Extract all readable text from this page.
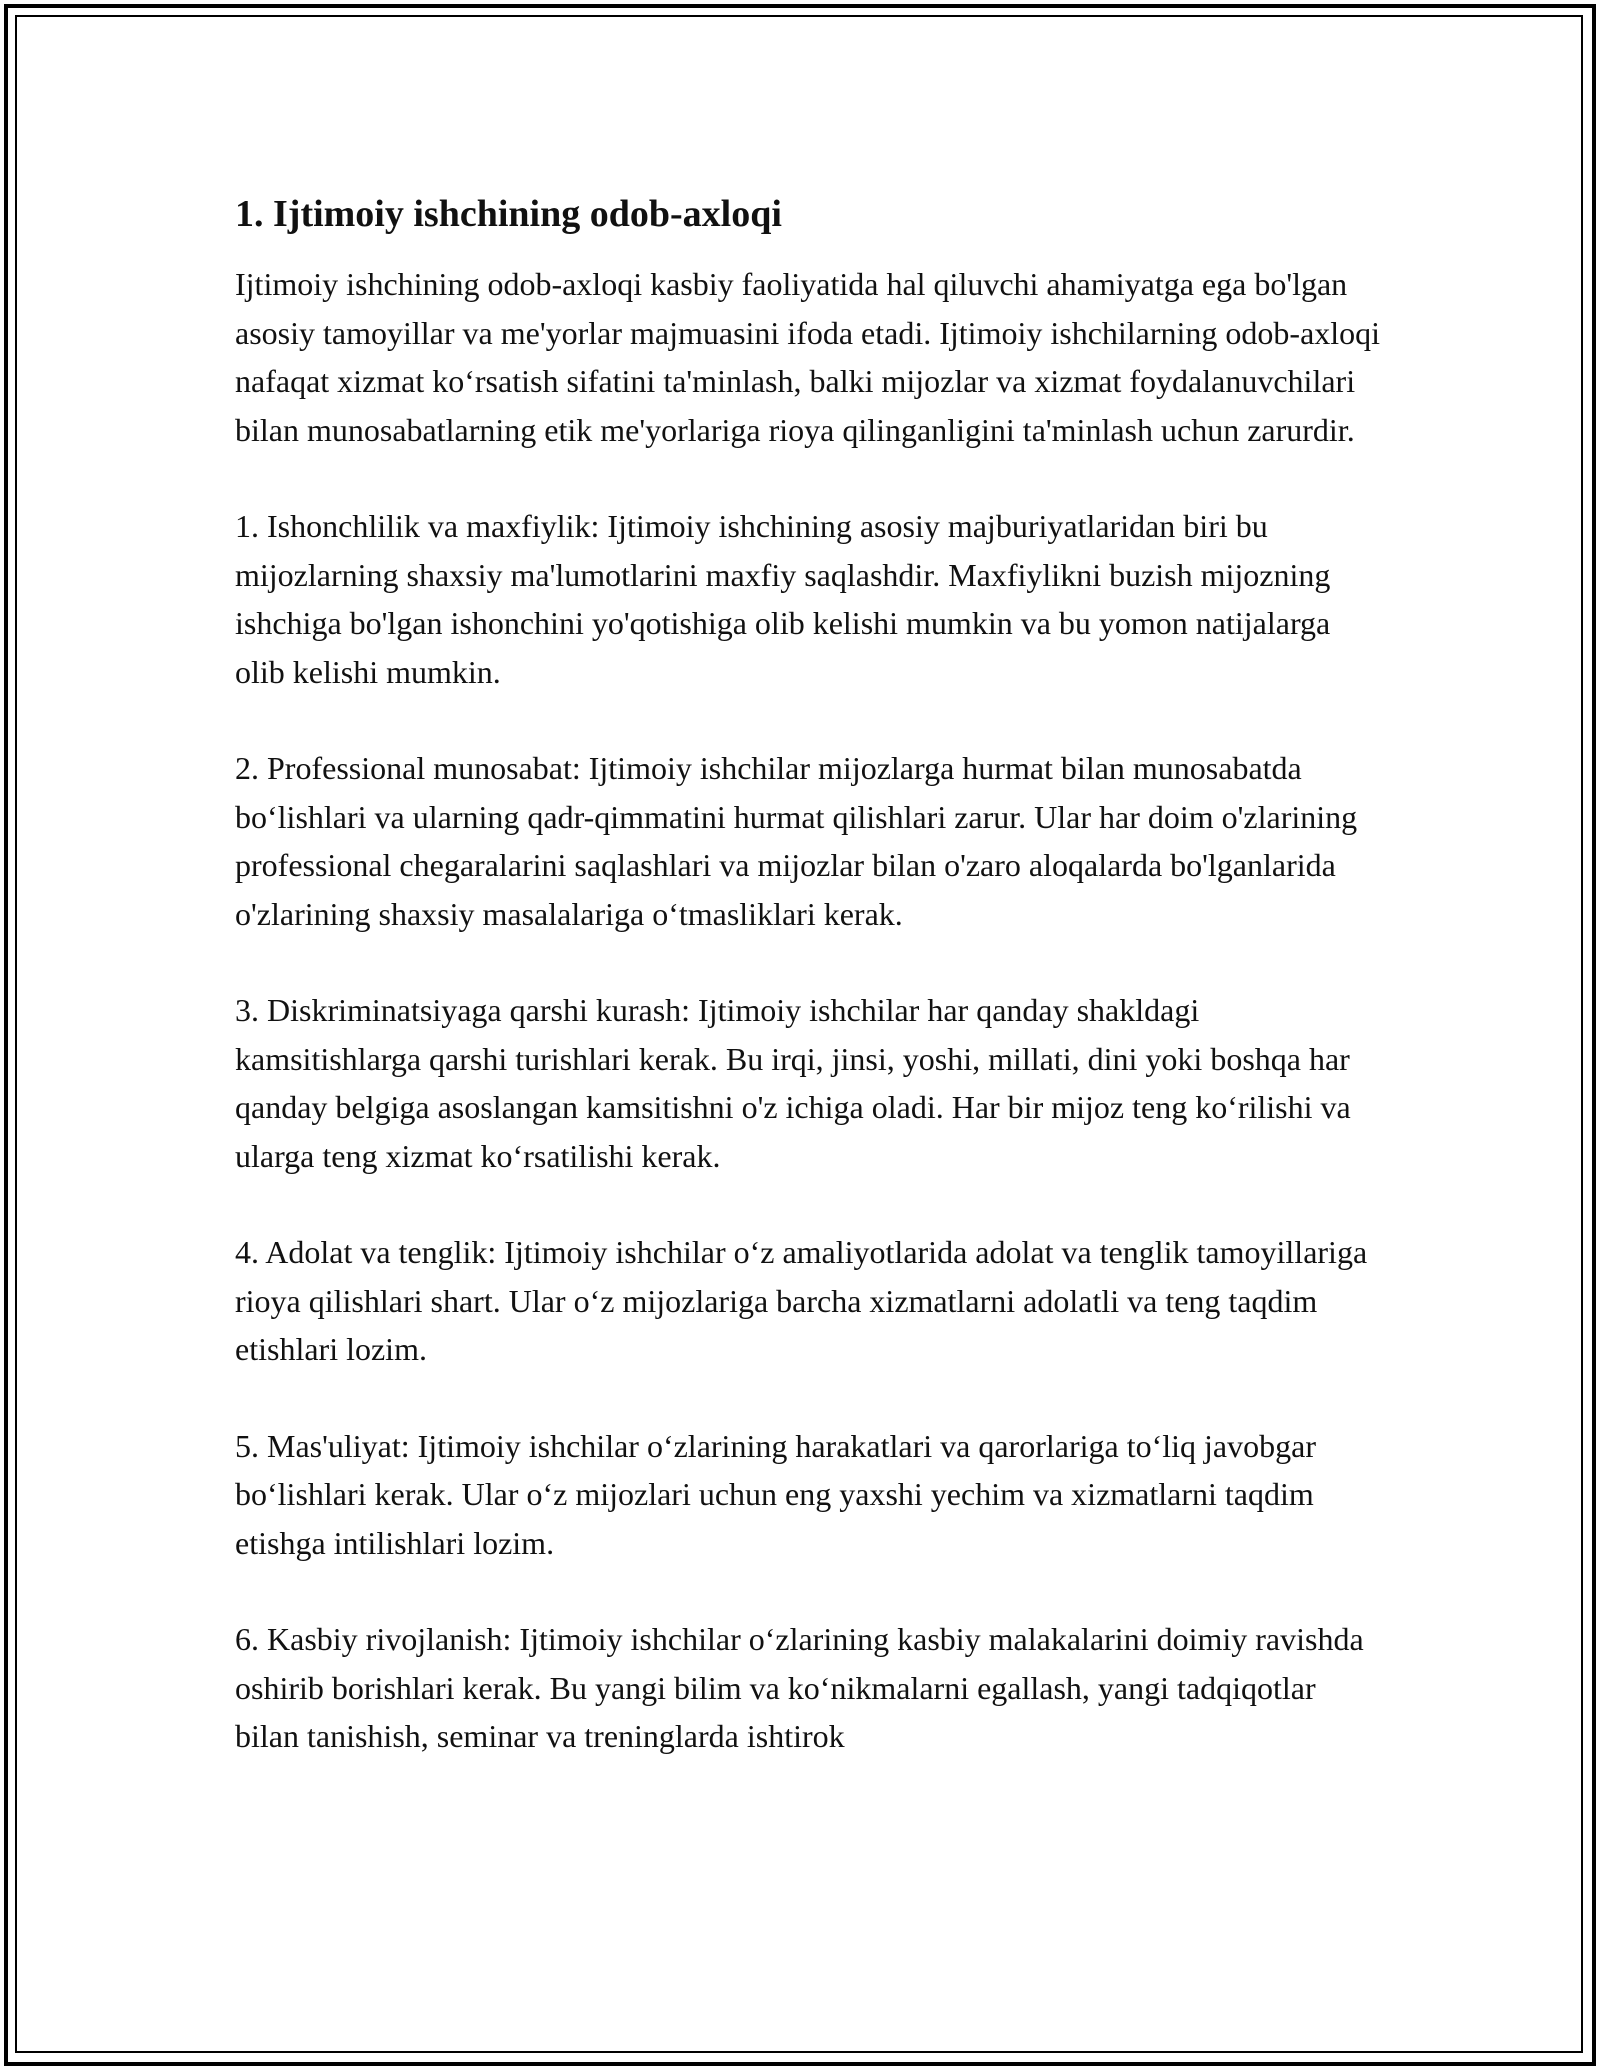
1. Ijtimoiy ishchining odob-axloqi

Ijtimoiy ishchining odob-axloqi kasbiy faoliyatida hal qiluvchi ahamiyatga ega bo'lgan asosiy tamoyillar va me'yorlar majmuasini ifoda etadi. Ijtimoiy ishchilarning odob-axloqi nafaqat xizmat ko‘rsatish sifatini ta'minlash, balki mijozlar va xizmat foydalanuvchilari bilan munosabatlarning etik me'yorlariga rioya qilinganligini ta'minlash uchun zarurdir.

1. Ishonchlilik va maxfiylik: Ijtimoiy ishchining asosiy majburiyatlaridan biri bu mijozlarning shaxsiy ma'lumotlarini maxfiy saqlashdir. Maxfiylikni buzish mijozning ishchiga bo'lgan ishonchini yo'qotishiga olib kelishi mumkin va bu yomon natijalarga olib kelishi mumkin.

2. Professional munosabat: Ijtimoiy ishchilar mijozlarga hurmat bilan munosabatda bo‘lishlari va ularning qadr-qimmatini hurmat qilishlari zarur. Ular har doim o'zlarining professional chegaralarini saqlashlari va mijozlar bilan o'zaro aloqalarda bo'lganlarida o'zlarining shaxsiy masalalariga o‘tmasliklari kerak.

3. Diskriminatsiyaga qarshi kurash: Ijtimoiy ishchilar har qanday shakldagi kamsitishlarga qarshi turishlari kerak. Bu irqi, jinsi, yoshi, millati, dini yoki boshqa har qanday belgiga asoslangan kamsitishni o'z ichiga oladi. Har bir mijoz teng ko‘rilishi va ularga teng xizmat ko‘rsatilishi kerak.

4. Adolat va tenglik: Ijtimoiy ishchilar o‘z amaliyotlarida adolat va tenglik tamoyillariga rioya qilishlari shart. Ular o‘z mijozlariga barcha xizmatlarni adolatli va teng taqdim etishlari lozim.

5. Mas'uliyat: Ijtimoiy ishchilar o‘zlarining harakatlari va qarorlariga to‘liq javobgar bo‘lishlari kerak. Ular o‘z mijozlari uchun eng yaxshi yechim va xizmatlarni taqdim etishga intilishlari lozim.

6. Kasbiy rivojlanish: Ijtimoiy ishchilar o‘zlarining kasbiy malakalarini doimiy ravishda oshirib borishlari kerak. Bu yangi bilim va ko‘nikmalarni egallash, yangi tadqiqotlar bilan tanishish, seminar va treninglarda ishtirok
